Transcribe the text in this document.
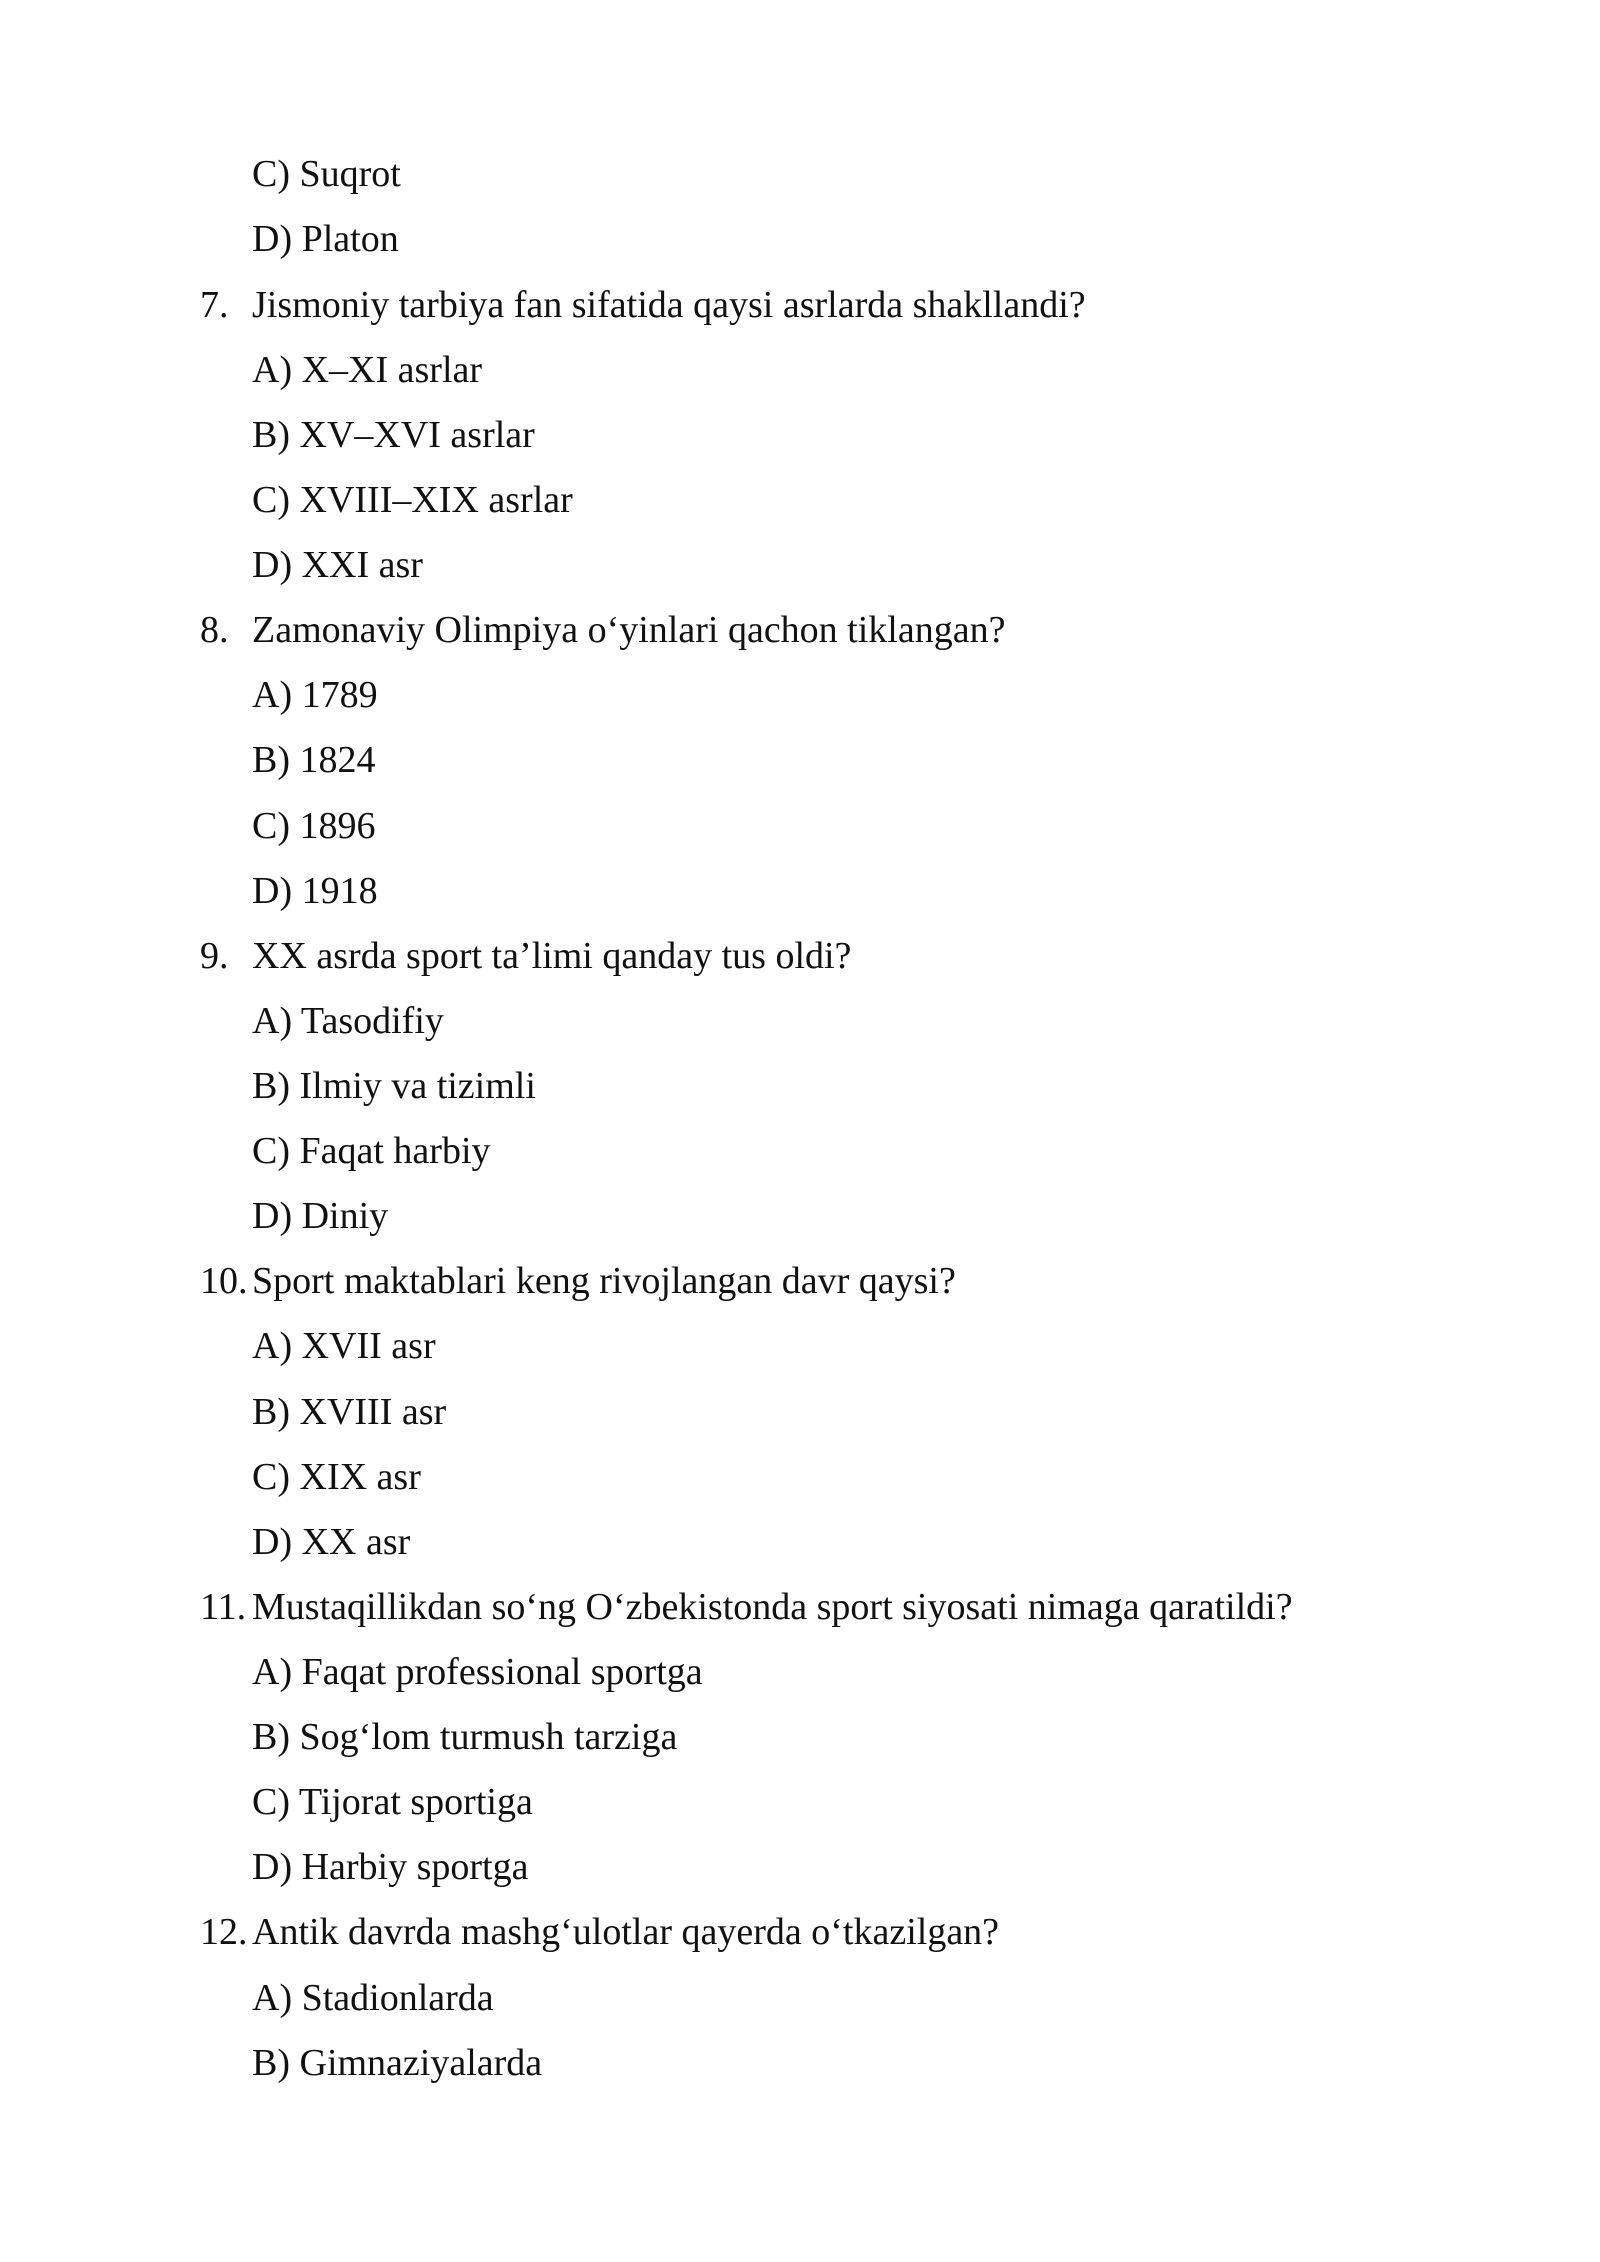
C) Suqrot
D) Platon
7. Jismoniy tarbiya fan sifatida qaysi asrlarda shakllandi?
A) X–XI asrlar
B) XV–XVI asrlar
C) XVIII–XIX asrlar
D) XXI asr
8. Zamonaviy Olimpiya o‘yinlari qachon tiklangan?
A) 1789
B) 1824
C) 1896
D) 1918
9. XX asrda sport ta’limi qanday tus oldi?
A) Tasodifiy
B) Ilmiy va tizimli
C) Faqat harbiy
D) Diniy
10. Sport maktablari keng rivojlangan davr qaysi?
A) XVII asr
B) XVIII asr
C) XIX asr
D) XX asr
11. Mustaqillikdan so‘ng O‘zbekistonda sport siyosati nimaga qaratildi?
A) Faqat professional sportga
B) Sog‘lom turmush tarziga
C) Tijorat sportiga
D) Harbiy sportga
12. Antik davrda mashg‘ulotlar qayerda o‘tkazilgan?
A) Stadionlarda
B) Gimnaziyalarda
